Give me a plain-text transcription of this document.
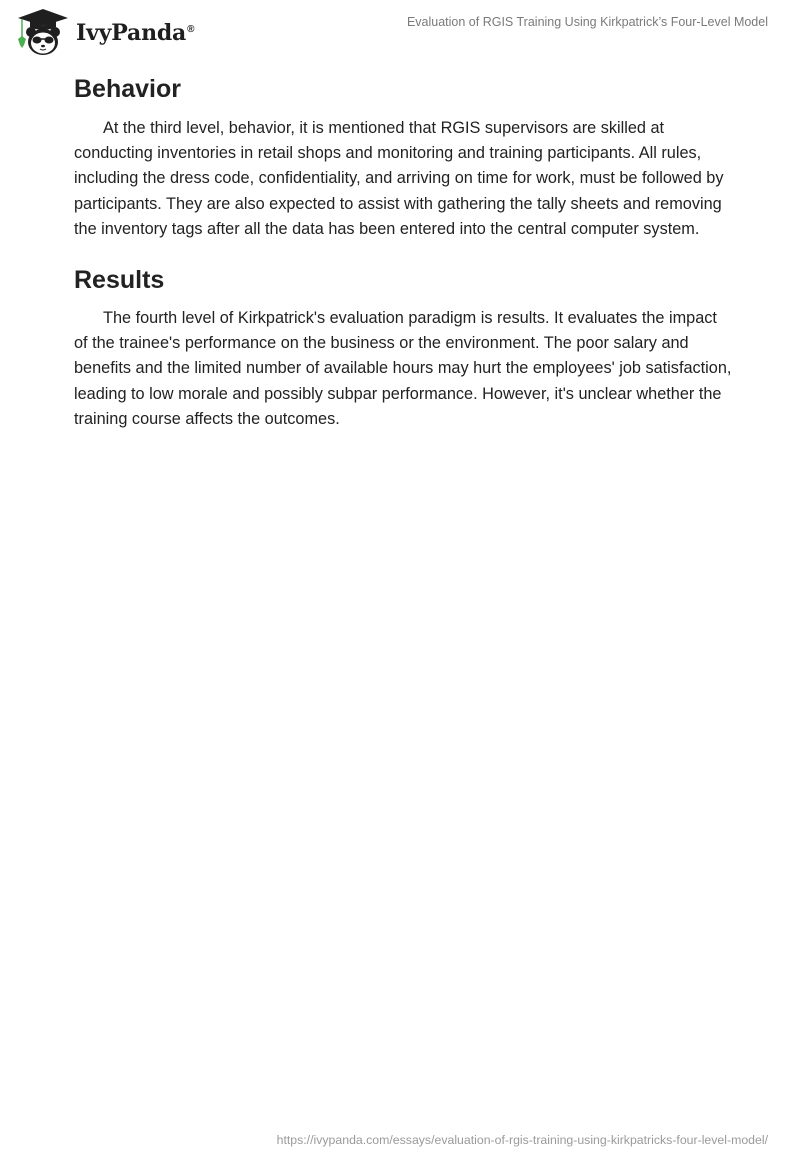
IvyPanda®
Evaluation of RGIS Training Using Kirkpatrick’s Four-Level Model
Behavior

At the third level, behavior, it is mentioned that RGIS supervisors are skilled at conducting inventories in retail shops and monitoring and training participants. All rules, including the dress code, confidentiality, and arriving on time for work, must be followed by participants. They are also expected to assist with gathering the tally sheets and removing the inventory tags after all the data has been entered into the central computer system.

Results

The fourth level of Kirkpatrick's evaluation paradigm is results. It evaluates the impact of the trainee's performance on the business or the environment. The poor salary and benefits and the limited number of available hours may hurt the employees' job satisfaction, leading to low morale and possibly subpar performance. However, it's unclear whether the training course affects the outcomes.

https://ivypanda.com/essays/evaluation-of-rgis-training-using-kirkpatricks-four-level-model/
